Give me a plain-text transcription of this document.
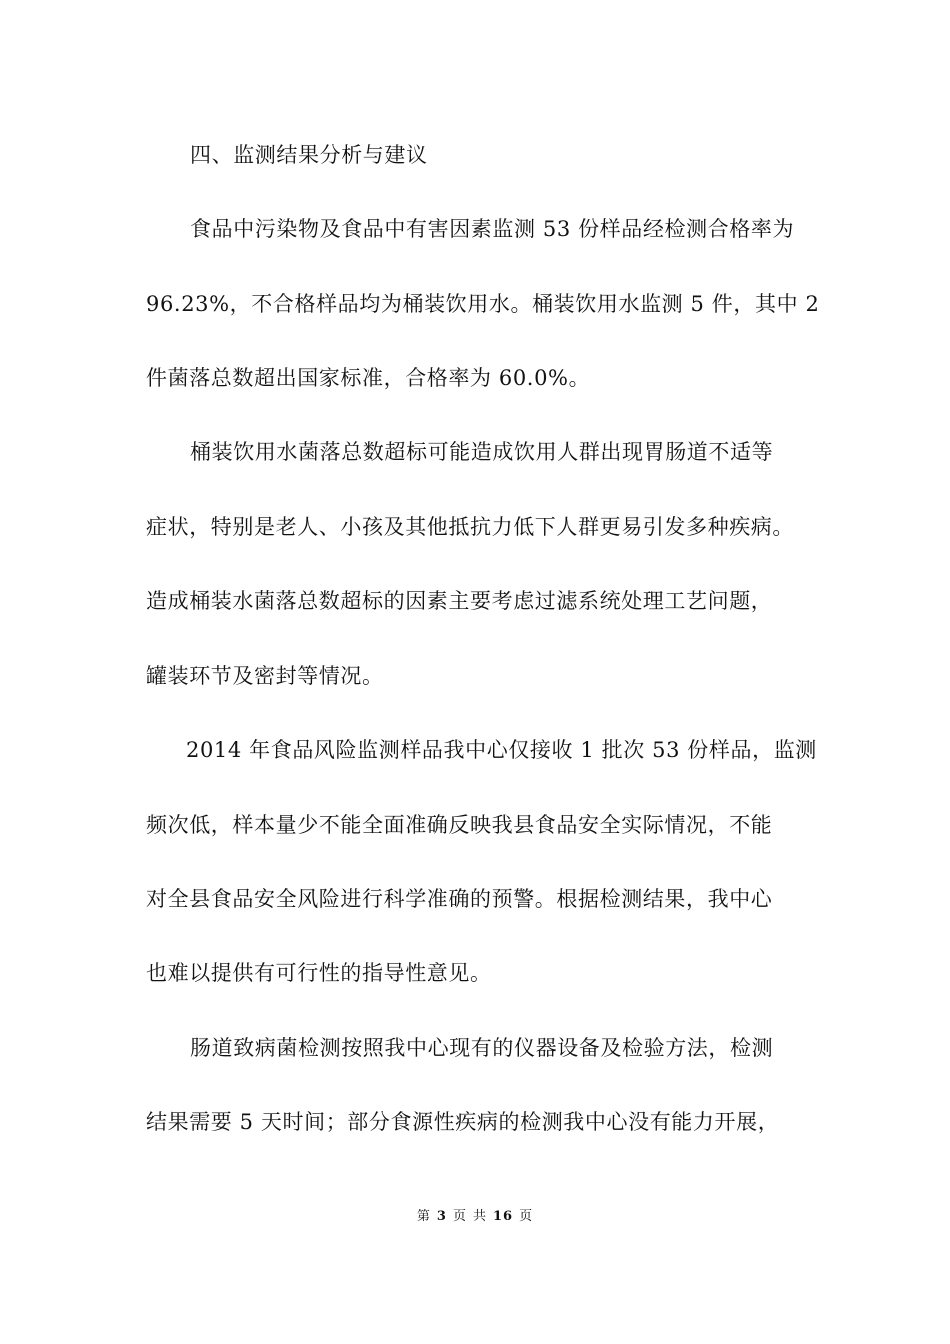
四、监测结果分析与建议
食品中污染物及食品中有害因素监测 53 份样品经检测合格率为
96.23%，不合格样品均为桶装饮用水。桶装饮用水监测 5 件，其中 2
件菌落总数超出国家标准，合格率为 60.0%。
桶装饮用水菌落总数超标可能造成饮用人群出现胃肠道不适等
症状，特别是老人、小孩及其他抵抗力低下人群更易引发多种疾病。
造成桶装水菌落总数超标的因素主要考虑过滤系统处理工艺问题，
罐装环节及密封等情况。
2014 年食品风险监测样品我中心仅接收 1 批次 53 份样品，监测
频次低，样本量少不能全面准确反映我县食品安全实际情况，不能
对全县食品安全风险进行科学准确的预警。根据检测结果，我中心
也难以提供有可行性的指导性意见。
肠道致病菌检测按照我中心现有的仪器设备及检验方法，检测
结果需要 5 天时间；部分食源性疾病的检测我中心没有能力开展，
第 3 页 共 16 页
